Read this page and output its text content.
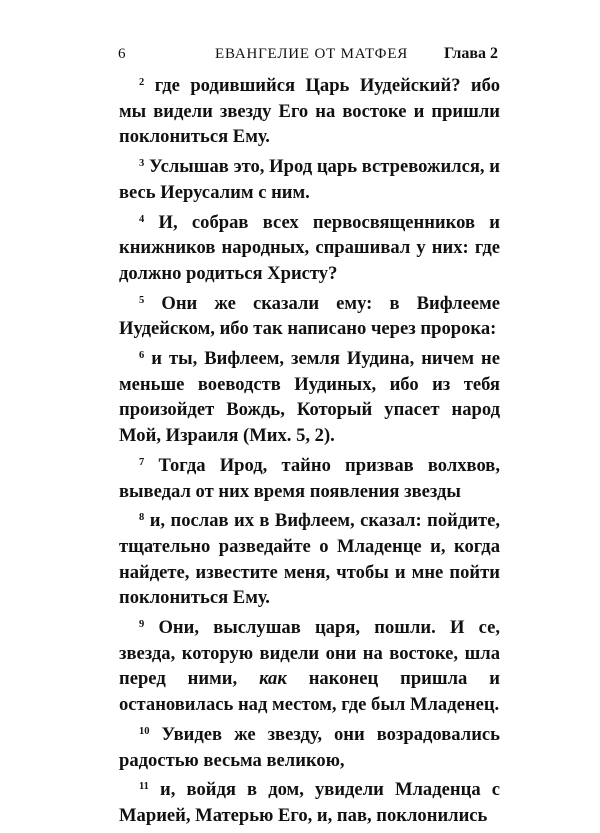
6	ЕВАНГЕЛИЕ ОТ МАТФЕЯ Глава 2

$^2$ где родившийся Царь Иудейский? ибо мы видели звезду Его на востоке и пришли поклониться Ему.

$^3$ Услышав это, Ирод царь встревожился, и весь Иерусалим с ним.

$^4$ И, собрав всех первосвященников и книжников народных, спрашивал у них: где должно родиться Христу?

$^5$ Они же сказали ему: в Вифлееме Иудейском, ибо так написано через пророка:

$^6$ и ты, Вифлеем, земля Иудина, ничем не меньше воеводств Иудиных, ибо из тебя произойдет Вождь, Который упасет народ Мой, Израиля (Мих. 5, 2).

$^7$ Тогда Ирод, тайно призвав волхвов, выведал от них время появления звезды

$^8$ и, послав их в Вифлеем, сказал: пойдите, тщательно разведайте о Младенце и, когда найдете, известите меня, чтобы и мне пойти поклониться Ему.

$^9$ Они, выслушав царя, пошли. И се, звезда, которую видели они на востоке, шла перед ними, как наконец пришла и остановилась над местом, где был Младенец.

$^{10}$ Увидев же звезду, они возрадовались радостью весьма великою,

$^{11}$ и, войдя в дом, увидели Младенца с Марией, Матерью Его, и, пав, поклонились
